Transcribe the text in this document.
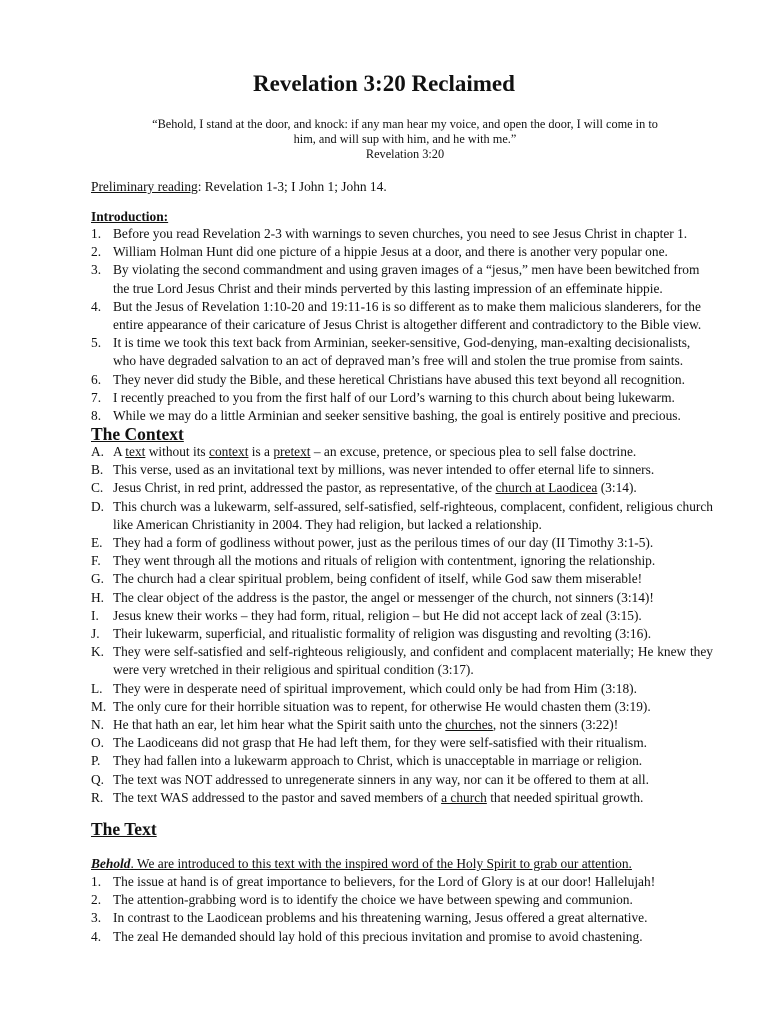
Revelation 3:20 Reclaimed
“Behold, I stand at the door, and knock: if any man hear my voice, and open the door, I will come in to
him, and will sup with him, and he with me.”
Revelation 3:20
Preliminary reading: Revelation 1-3; I John 1; John 14.
Introduction:
1. Before you read Revelation 2-3 with warnings to seven churches, you need to see Jesus Christ in chapter 1.
2. William Holman Hunt did one picture of a hippie Jesus at a door, and there is another very popular one.
3. By violating the second commandment and using graven images of a “jesus,” men have been bewitched from the true Lord Jesus Christ and their minds perverted by this lasting impression of an effeminate hippie.
4. But the Jesus of Revelation 1:10-20 and 19:11-16 is so different as to make them malicious slanderers, for the entire appearance of their caricature of Jesus Christ is altogether different and contradictory to the Bible view.
5. It is time we took this text back from Arminian, seeker-sensitive, God-denying, man-exalting decisionalists, who have degraded salvation to an act of depraved man’s free will and stolen the true promise from saints.
6. They never did study the Bible, and these heretical Christians have abused this text beyond all recognition.
7. I recently preached to you from the first half of our Lord’s warning to this church about being lukewarm.
8. While we may do a little Arminian and seeker sensitive bashing, the goal is entirely positive and precious.
The Context
A. A text without its context is a pretext – an excuse, pretence, or specious plea to sell false doctrine.
B. This verse, used as an invitational text by millions, was never intended to offer eternal life to sinners.
C. Jesus Christ, in red print, addressed the pastor, as representative, of the church at Laodicea (3:14).
D. This church was a lukewarm, self-assured, self-satisfied, self-righteous, complacent, confident, religious church like American Christianity in 2004. They had religion, but lacked a relationship.
E. They had a form of godliness without power, just as the perilous times of our day (II Timothy 3:1-5).
F. They went through all the motions and rituals of religion with contentment, ignoring the relationship.
G. The church had a clear spiritual problem, being confident of itself, while God saw them miserable!
H. The clear object of the address is the pastor, the angel or messenger of the church, not sinners (3:14)!
I. Jesus knew their works – they had form, ritual, religion – but He did not accept lack of zeal (3:15).
J. Their lukewarm, superficial, and ritualistic formality of religion was disgusting and revolting (3:16).
K. They were self-satisfied and self-righteous religiously, and confident and complacent materially; He knew they were very wretched in their religious and spiritual condition (3:17).
L. They were in desperate need of spiritual improvement, which could only be had from Him (3:18).
M. The only cure for their horrible situation was to repent, for otherwise He would chasten them (3:19).
N. He that hath an ear, let him hear what the Spirit saith unto the churches, not the sinners (3:22)!
O. The Laodiceans did not grasp that He had left them, for they were self-satisfied with their ritualism.
P. They had fallen into a lukewarm approach to Christ, which is unacceptable in marriage or religion.
Q. The text was NOT addressed to unregenerate sinners in any way, nor can it be offered to them at all.
R. The text WAS addressed to the pastor and saved members of a church that needed spiritual growth.
The Text
Behold. We are introduced to this text with the inspired word of the Holy Spirit to grab our attention.
1. The issue at hand is of great importance to believers, for the Lord of Glory is at our door! Hallelujah!
2. The attention-grabbing word is to identify the choice we have between spewing and communion.
3. In contrast to the Laodicean problems and his threatening warning, Jesus offered a great alternative.
4. The zeal He demanded should lay hold of this precious invitation and promise to avoid chastening.
